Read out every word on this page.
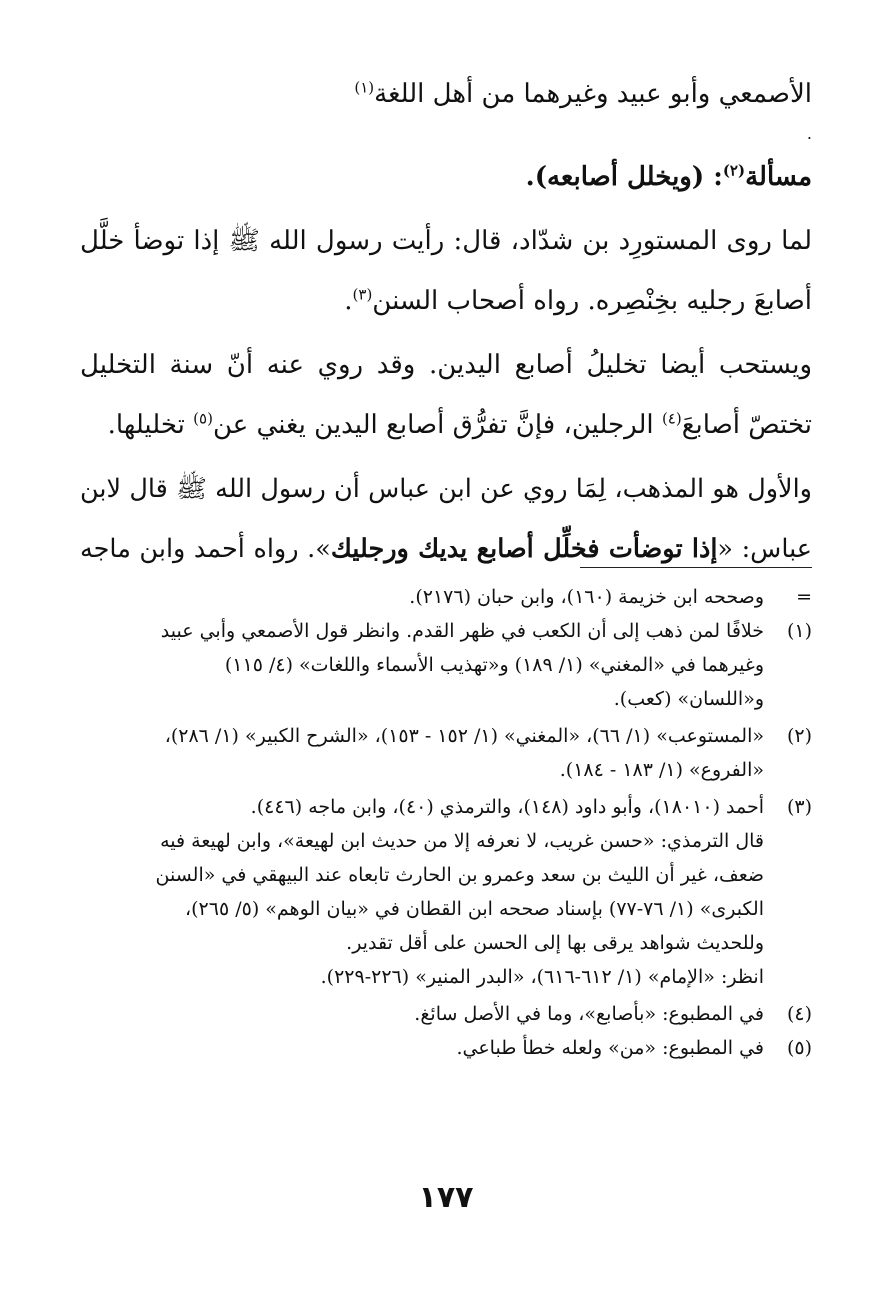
الأصمعي وأبو عبيد وغيرهما من أهل اللغة$^{(١)}$
.
مسألة$^{(٢)}$: (ويخلل أصابعه).
لما روى المستورِد بن شدّاد، قال: رأيت رسول الله ﷺ إذا توضأ خلَّل
أصابعَ رجليه بخِنْصِره. رواه أصحاب السنن$^{(٣)}$.
ويستحب أيضا تخليلُ أصابع اليدين. وقد روي عنه أنّ سنة التخليل
تختصّ أصابعَ$^{(٤)}$ الرجلين، فإنَّ تفرُّق أصابع اليدين يغني عن$^{(٥)}$ تخليلها.
والأول هو المذهب، لِمَا روي عن ابن عباس أن رسول الله ﷺ قال لابن
عباس: «إذا توضأت فخلِّل أصابع يديك ورجليك». رواه أحمد وابن ماجه
=
وصححه ابن خزيمة (١٦٠)، وابن حبان (٢١٧٦).
(١)
خلافًا لمن ذهب إلى أن الكعب في ظهر القدم. وانظر قول الأصمعي وأبي عبيد
وغيرهما في «المغني» (١/ ١٨٩) و«تهذيب الأسماء واللغات» (٤/ ١١٥)
و«اللسان» (كعب).
(٢)
«المستوعب» (١/ ٦٦)، «المغني» (١/ ١٥٢ - ١٥٣)، «الشرح الكبير» (١/ ٢٨٦)،
«الفروع» (١/ ١٨٣ - ١٨٤).
(٣)
أحمد (١٨٠١٠)، وأبو داود (١٤٨)، والترمذي (٤٠)، وابن ماجه (٤٤٦).
قال الترمذي: «حسن غريب، لا نعرفه إلا من حديث ابن لهيعة»، وابن لهيعة فيه
ضعف، غير أن الليث بن سعد وعمرو بن الحارث تابعاه عند البيهقي في «السنن
الكبرى» (١/ ٧٦-٧٧) بإسناد صححه ابن القطان في «بيان الوهم» (٥/ ٢٦٥)،
وللحديث شواهد يرقى بها إلى الحسن على أقل تقدير.
انظر: «الإمام» (١/ ٦١٢-٦١٦)، «البدر المنير» (٢٢٦-٢٢٩).
(٤)
في المطبوع: «بأصابع»، وما في الأصل سائغ.
(٥)
في المطبوع: «من» ولعله خطأ طباعي.
١٧٧
